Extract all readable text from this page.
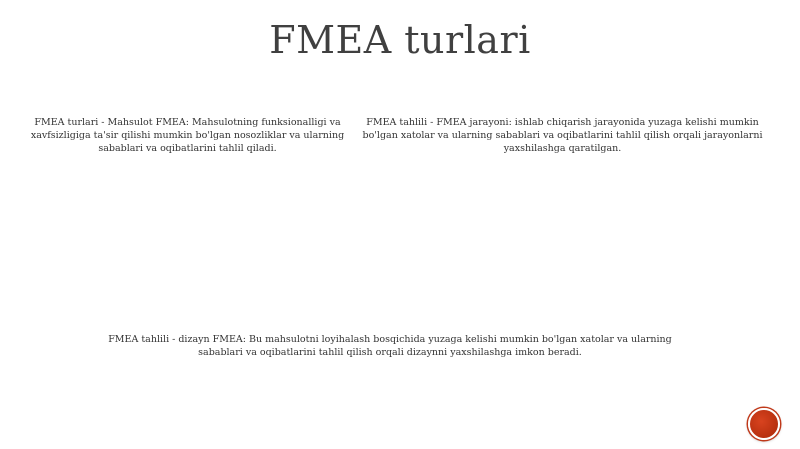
FMEA turlari
FMEA turlari - Mahsulot FMEA: Mahsulotning funksionalligi va xavfsizligiga ta'sir qilishi mumkin bo'lgan nosozliklar va ularning sabablari va oqibatlarini tahlil qiladi.
FMEA tahlili - FMEA jarayoni: ishlab chiqarish jarayonida yuzaga kelishi mumkin bo'lgan xatolar va ularning sabablari va oqibatlarini tahlil qilish orqali jarayonlarni yaxshilashga qaratilgan.
FMEA tahlili - dizayn FMEA: Bu mahsulotni loyihalash bosqichida yuzaga kelishi mumkin bo'lgan xatolar va ularning sabablari va oqibatlarini tahlil qilish orqali dizaynni yaxshilashga imkon beradi.
